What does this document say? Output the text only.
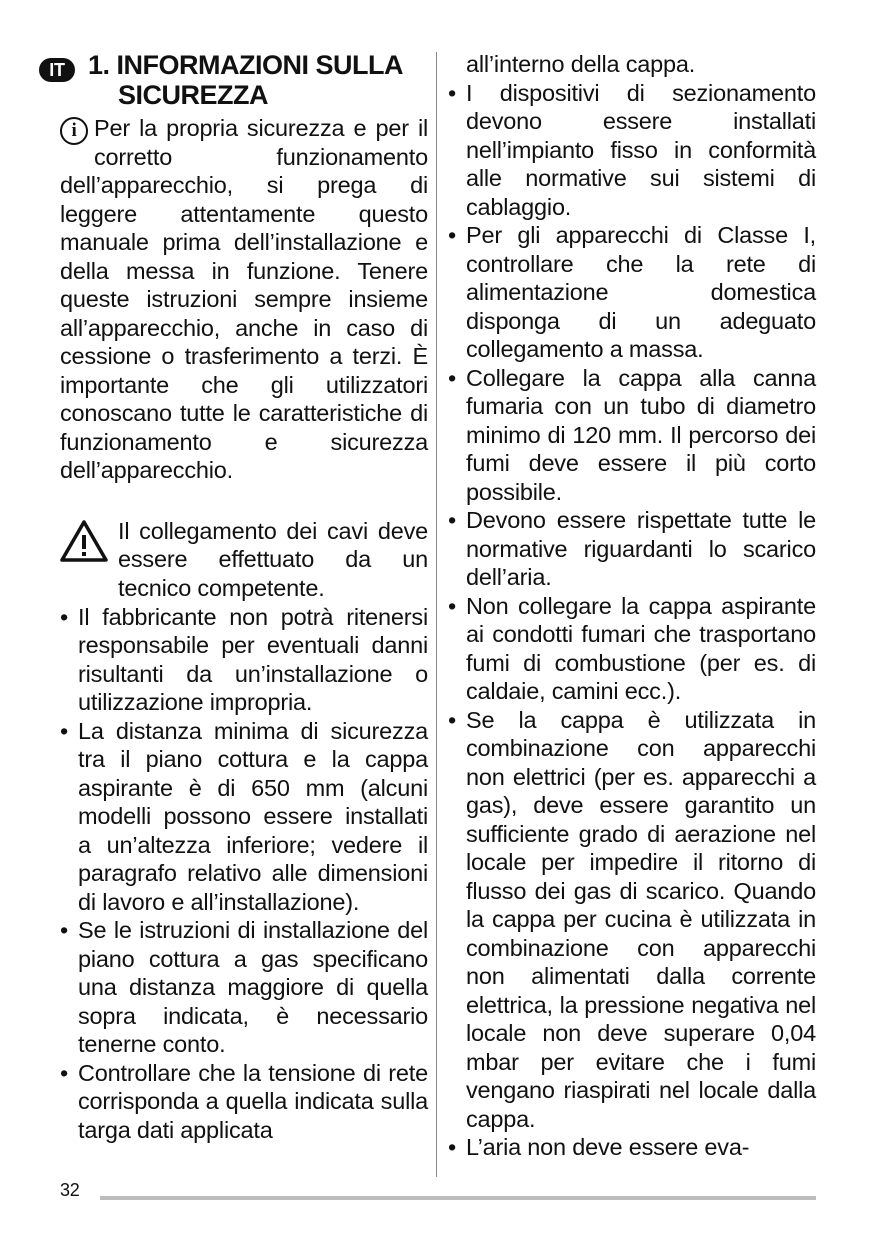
IT 1. INFORMAZIONI SULLA
SICUREZZA
i Per la propria sicurezza e per il corretto funzionamento dell’apparecchio, si prega di leggere attentamente questo manuale prima dell’installazione e della messa in funzione. Tenere queste istruzioni sempre insieme all’apparecchio, anche in caso di cessione o trasferimento a terzi. È importante che gli utilizzatori conoscano tutte le caratteristiche di funzionamento e sicurezza dell’apparecchio.

Il collegamento dei cavi deve essere effettuato da un tecnico competente.

• Il fabbricante non potrà ritenersi responsabile per eventuali danni risultanti da un’installazione o utilizzazione impropria.
• La distanza minima di sicurezza tra il piano cottura e la cappa aspirante è di 650 mm (alcuni modelli possono essere installati a un’altezza inferiore; vedere il paragrafo relativo alle dimensioni di lavoro e all’installazione).
• Se le istruzioni di installazione del piano cottura a gas specificano una distanza maggiore di quella sopra indicata, è necessario tenerne conto.
• Controllare che la tensione di rete corrisponda a quella indicata sulla targa dati applicata

all’interno della cappa.

• I dispositivi di sezionamento devono essere installati nell’impianto fisso in conformità alle normative sui sistemi di cablaggio.
• Per gli apparecchi di Classe I, controllare che la rete di alimentazione domestica disponga di un adeguato collegamento a massa.
• Collegare la cappa alla canna fumaria con un tubo di diametro minimo di 120 mm. Il percorso dei fumi deve essere il più corto possibile.
• Devono essere rispettate tutte le normative riguardanti lo scarico dell’aria.
• Non collegare la cappa aspirante ai condotti fumari che trasportano fumi di combustione (per es. di caldaie, camini ecc.).
• Se la cappa è utilizzata in combinazione con apparecchi non elettrici (per es. apparecchi a gas), deve essere garantito un sufficiente grado di aerazione nel locale per impedire il ritorno di flusso dei gas di scarico. Quando la cappa per cucina è utilizzata in combinazione con apparecchi non alimentati dalla corrente elettrica, la pressione negativa nel locale non deve superare 0,04 mbar per evitare che i fumi vengano riaspirati nel locale dalla cappa.
• L’aria non deve essere eva-
32
